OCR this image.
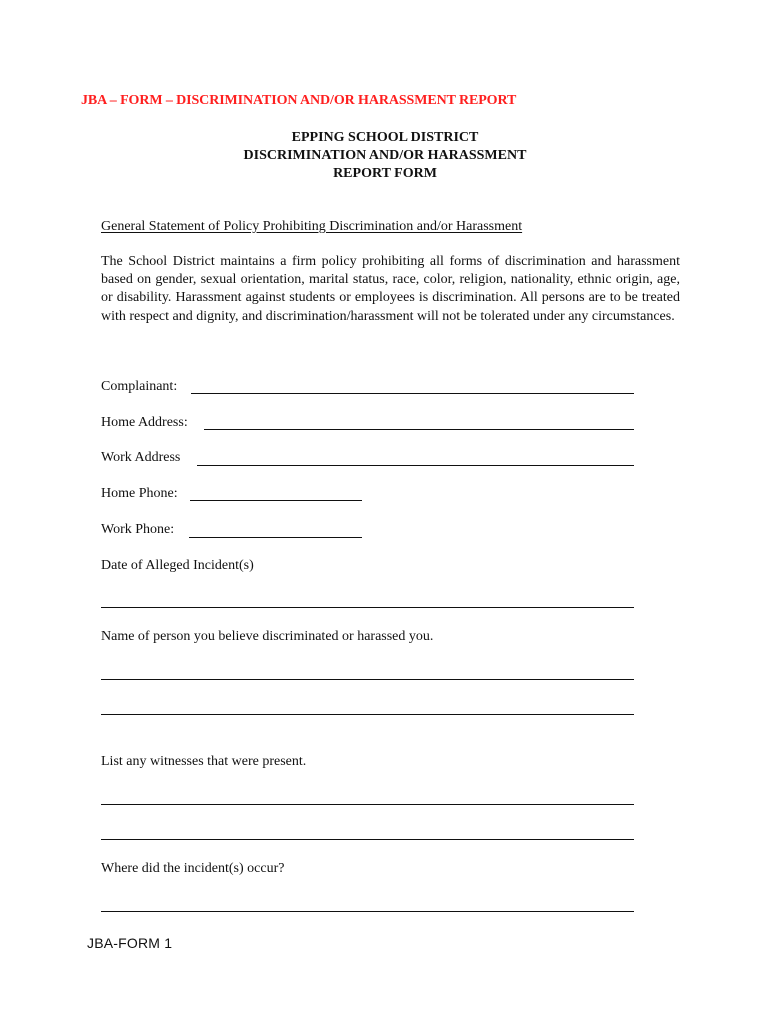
JBA – FORM – DISCRIMINATION AND/OR HARASSMENT REPORT
EPPING SCHOOL DISTRICT
DISCRIMINATION AND/OR HARASSMENT
REPORT FORM
General Statement of Policy Prohibiting Discrimination and/or Harassment
The School District maintains a firm policy prohibiting all forms of discrimination and harassment based on gender, sexual orientation, marital status, race, color, religion, nationality, ethnic origin, age, or disability. Harassment against students or employees is discrimination. All persons are to be treated with respect and dignity, and discrimination/harassment will not be tolerated under any circumstances.
Complainant:
Home Address:
Work Address
Home Phone:
Work Phone:
Date of Alleged Incident(s)
Name of person you believe discriminated or harassed you.
List any witnesses that were present.
Where did the incident(s) occur?
JBA-FORM 1
